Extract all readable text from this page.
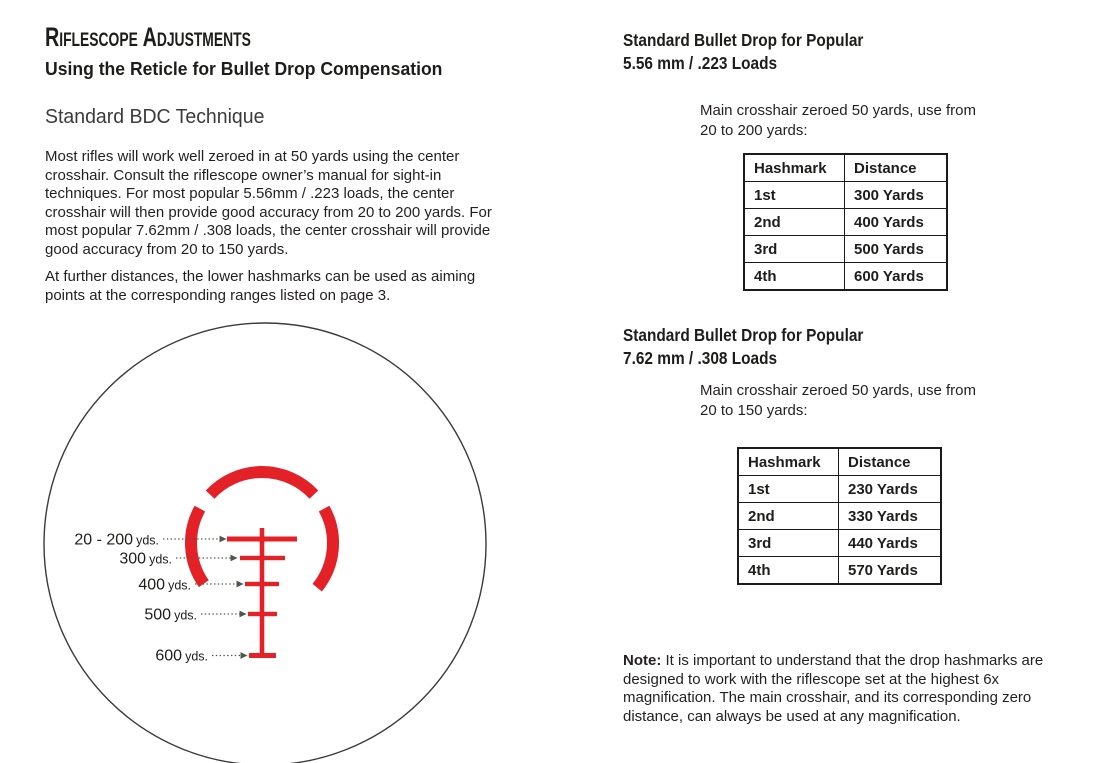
Riflescope Adjustments
Using the Reticle for Bullet Drop Compensation
Standard BDC Technique

Most rifles will work well zeroed in at 50 yards using the center crosshair. Consult the riflescope owner’s manual for sight-in techniques. For most popular 5.56mm / .223 loads, the center crosshair will then provide good accuracy from 20 to 200 yards. For most popular 7.62mm / .308 loads, the center crosshair will provide good accuracy from 20 to 150 yards.

At further distances, the lower hashmarks can be used as aiming points at the corresponding ranges listed on page 3.

20 - 200 yds.
300 yds.
400 yds.
500 yds.
600 yds.
Standard Bullet Drop for Popular
5.56 mm / .223 Loads
Main crosshair zeroed 50 yards, use from
20 to 200 yards:
Hashmark	Distance
1st	300 Yards
2nd	400 Yards
3rd	500 Yards
4th	600 Yards
Standard Bullet Drop for Popular
7.62 mm / .308 Loads
Main crosshair zeroed 50 yards, use from
20 to 150 yards:
Hashmark	Distance
1st	230 Yards
2nd	330 Yards
3rd	440 Yards
4th	570 Yards

Note: It is important to understand that the drop hashmarks are designed to work with the riflescope set at the highest 6x magnification. The main crosshair, and its corresponding zero distance, can always be used at any magnification.
